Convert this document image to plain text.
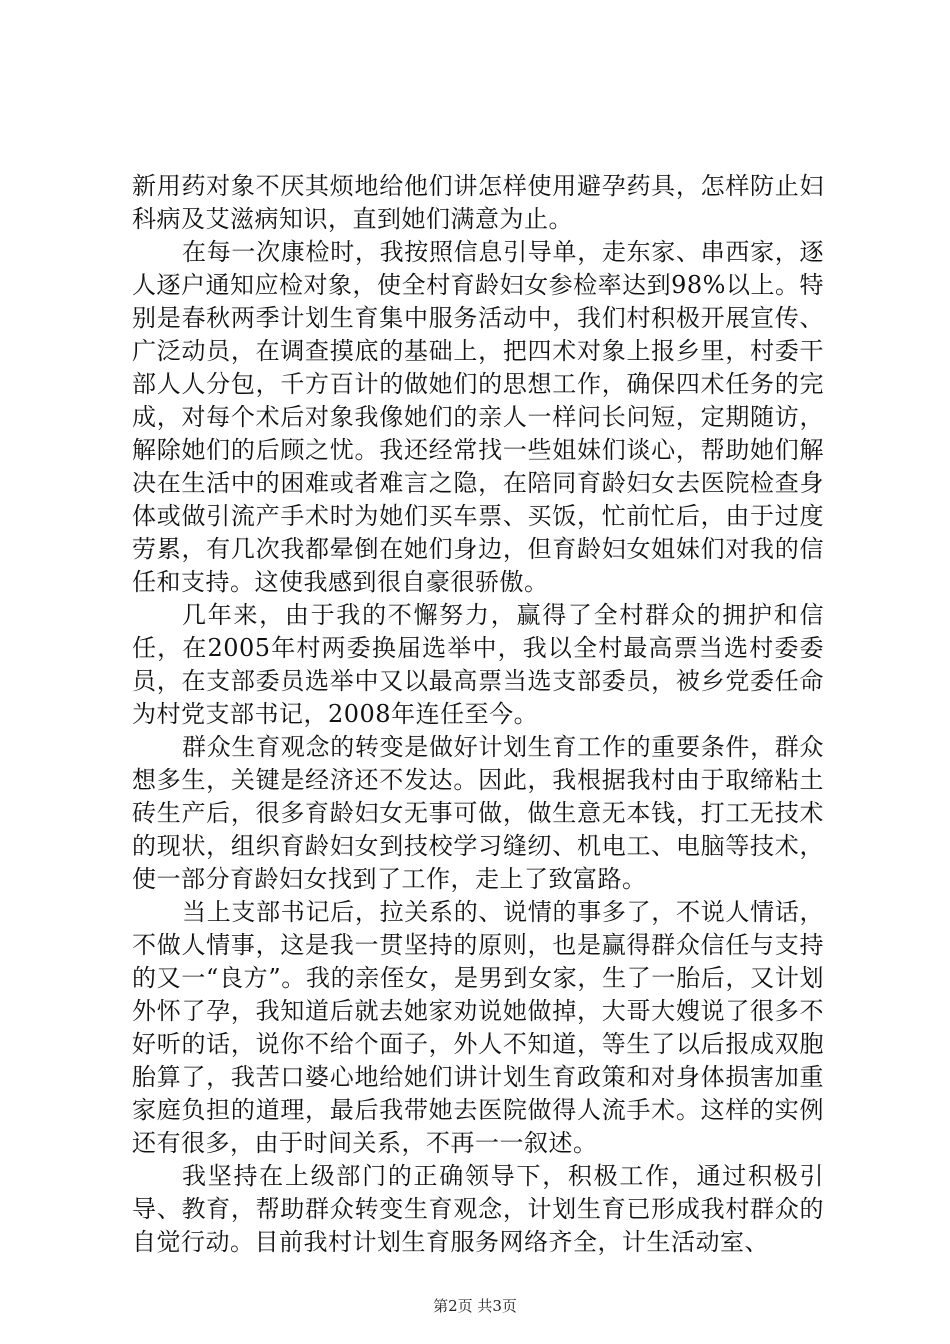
新用药对象不厌其烦地给他们讲怎样使用避孕药具，怎样防止妇科病及艾滋病知识，直到她们满意为止。

在每一次康检时，我按照信息引导单，走东家、串西家，逐人逐户通知应检对象，使全村育龄妇女参检率达到98%以上。特别是春秋两季计划生育集中服务活动中，我们村积极开展宣传、广泛动员，在调查摸底的基础上，把四术对象上报乡里，村委干部人人分包，千方百计的做她们的思想工作，确保四术任务的完成，对每个术后对象我像她们的亲人一样问长问短，定期随访，解除她们的后顾之忧。我还经常找一些姐妹们谈心，帮助她们解决在生活中的困难或者难言之隐，在陪同育龄妇女去医院检查身体或做引流产手术时为她们买车票、买饭，忙前忙后，由于过度劳累，有几次我都晕倒在她们身边，但育龄妇女姐妹们对我的信任和支持。这使我感到很自豪很骄傲。

几年来，由于我的不懈努力，赢得了全村群众的拥护和信任，在2005年村两委换届选举中，我以全村最高票当选村委委员，在支部委员选举中又以最高票当选支部委员，被乡党委任命为村党支部书记，2008年连任至今。

群众生育观念的转变是做好计划生育工作的重要条件，群众想多生，关键是经济还不发达。因此，我根据我村由于取缔粘土砖生产后，很多育龄妇女无事可做，做生意无本钱，打工无技术的现状，组织育龄妇女到技校学习缝纫、机电工、电脑等技术，使一部分育龄妇女找到了工作，走上了致富路。

当上支部书记后，拉关系的、说情的事多了，不说人情话，不做人情事，这是我一贯坚持的原则，也是赢得群众信任与支持的又一“良方”。我的亲侄女，是男到女家，生了一胎后，又计划外怀了孕，我知道后就去她家劝说她做掉，大哥大嫂说了很多不好听的话，说你不给个面子，外人不知道，等生了以后报成双胞胎算了，我苦口婆心地给她们讲计划生育政策和对身体损害加重家庭负担的道理，最后我带她去医院做得人流手术。这样的实例还有很多，由于时间关系，不再一一叙述。

我坚持在上级部门的正确领导下，积极工作，通过积极引导、教育，帮助群众转变生育观念，计划生育已形成我村群众的自觉行动。目前我村计划生育服务网络齐全，计生活动室、

第2页 共3页
